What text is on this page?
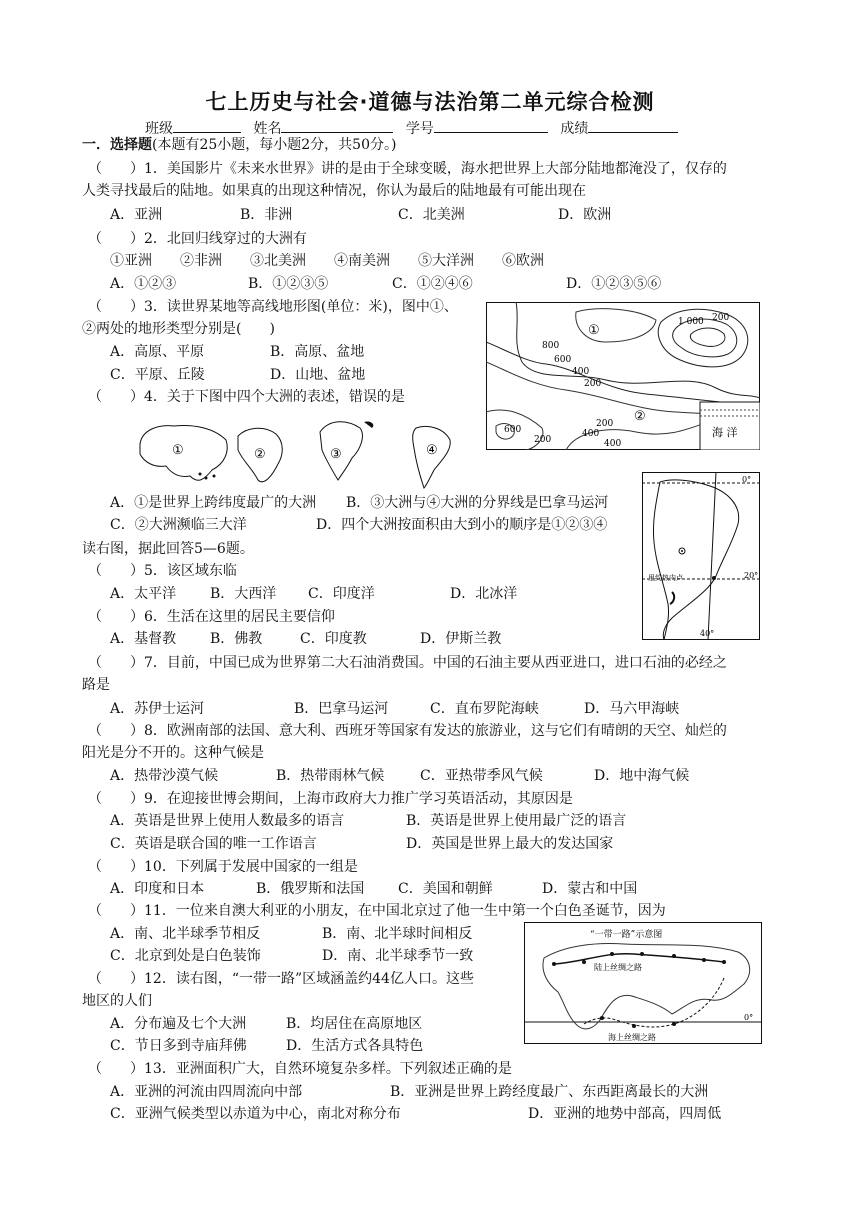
七上历史与社会·道德与法治第二单元综合检测
班级	姓名	学号	成绩
一．选择题(本题有25小题，每小题2分，共50分。)
（　　）1．美国影片《未来水世界》讲的是由于全球变暖，海水把世界上大部分陆地都淹没了，仅存的
人类寻找最后的陆地。如果真的出现这种情况，你认为最后的陆地最有可能出现在
A．亚洲	B．非洲	C．北美洲	D．欧洲
（　　）2．北回归线穿过的大洲有
①亚洲　　②非洲　　③北美洲　　④南美洲　　⑤大洋洲　　⑥欧洲
A．①②③	B．①②③⑤	C．①②④⑥	D．①②③⑤⑥
（　　）3．读世界某地等高线地形图(单位：米)，图中①、
②两处的地形类型分别是(　　)
A．高原、平原	B．高原、盆地
C．平原、丘陵	D．山地、盆地
①
②
1 000 200
800
600
400
200
600
200
400
200
400
海 洋
（　　）4．关于下图中四个大洲的表述，错误的是
①	②	③	④
A．①是世界上跨纬度最广的大洲 B．③大洲与④大洲的分界线是巴拿马运河
C．②大洲濒临三大洋	D．四个大洲按面积由大到小的顺序是①②③④
0°
20°
40°
里约热内卢
读右图，据此回答5—6题。
（　　）5．该区域东临
A．太平洋 B．大西洋 C．印度洋	D．北冰洋
（　　）6．生活在这里的居民主要信仰
A．基督教 B．佛教	C．印度教	D．伊斯兰教
（　　）7．目前，中国已成为世界第二大石油消费国。中国的石油主要从西亚进口，进口石油的必经之
路是
A．苏伊士运河	B．巴拿马运河	C．直布罗陀海峡	D．马六甲海峡
（　　）8．欧洲南部的法国、意大利、西班牙等国家有发达的旅游业，这与它们有晴朗的天空、灿烂的
阳光是分不开的。这种气候是
A．热带沙漠气候	B．热带雨林气候	C．亚热带季风气候	D．地中海气候
（　　）9．在迎接世博会期间，上海市政府大力推广学习英语活动，其原因是
A．英语是世界上使用人数最多的语言	B．英语是世界上使用最广泛的语言
C．英语是联合国的唯一工作语言	D．英国是世界上最大的发达国家
（　　）10．下列属于发展中国家的一组是
A．印度和日本	B．俄罗斯和法国 C．美国和朝鲜	D．蒙古和中国
（　　）11．一位来自澳大利亚的小朋友，在中国北京过了他一生中第一个白色圣诞节，因为
A．南、北半球季节相反	B．南、北半球时间相反
C．北京到处是白色装饰	D．南、北半球季节一致
“一带一路”示意图
陆上丝绸之路
海上丝绸之路
0°
（　　）12．读右图，“一带一路”区域涵盖约44亿人口。这些
地区的人们
A．分布遍及七个大洲	B．均居住在高原地区
C．节日多到寺庙拜佛	D．生活方式各具特色
（　　）13．亚洲面积广大，自然环境复杂多样。下列叙述正确的是
A．亚洲的河流由四周流向中部	B．亚洲是世界上跨经度最广、东西距离最长的大洲
C．亚洲气候类型以赤道为中心，南北对称分布	D．亚洲的地势中部高，四周低
